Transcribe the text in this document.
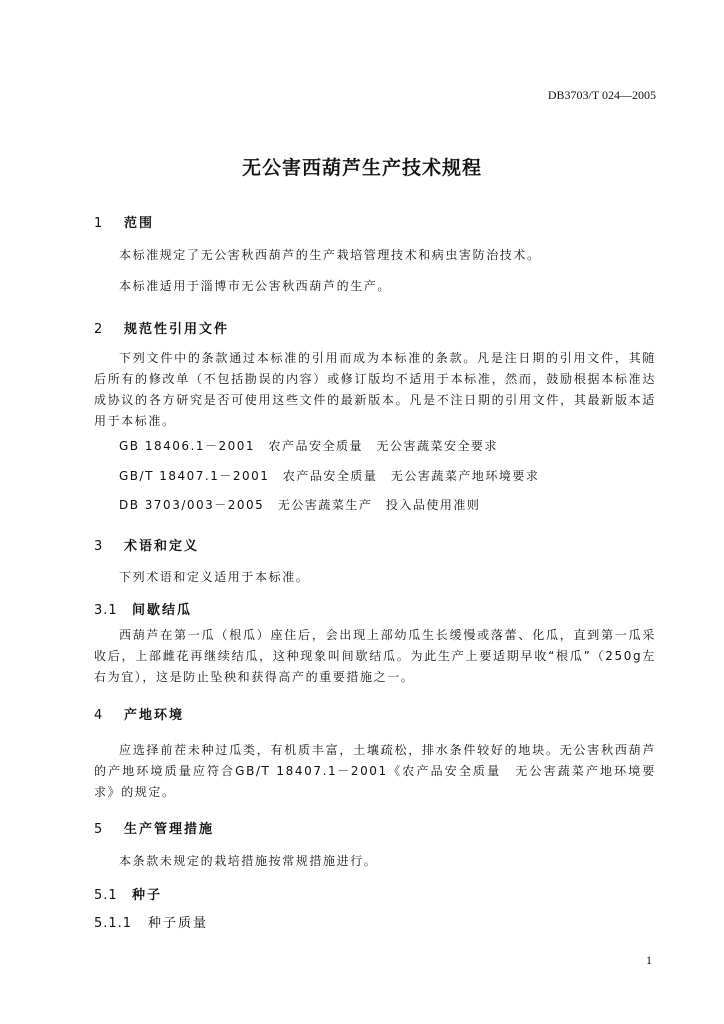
DB3703/T 024—2005
无公害西葫芦生产技术规程
1 范围
本标准规定了无公害秋西葫芦的生产栽培管理技术和病虫害防治技术。
本标准适用于淄博市无公害秋西葫芦的生产。
2 规范性引用文件
下列文件中的条款通过本标准的引用而成为本标准的条款。凡是注日期的引用文件，其随后所有的修改单（不包括勘误的内容）或修订版均不适用于本标准，然而，鼓励根据本标准达成协议的各方研究是否可使用这些文件的最新版本。凡是不注日期的引用文件，其最新版本适用于本标准。
GB 18406.1－2001　农产品安全质量　无公害蔬菜安全要求
GB/T 18407.1－2001　农产品安全质量　无公害蔬菜产地环境要求
DB 3703/003－2005　无公害蔬菜生产　投入品使用准则
3 术语和定义
下列术语和定义适用于本标准。
3.1 间歇结瓜
西葫芦在第一瓜（根瓜）座住后，会出现上部幼瓜生长缓慢或落蕾、化瓜，直到第一瓜采收后，上部雌花再继续结瓜，这种现象叫间歇结瓜。为此生产上要适期早收“根瓜”（250g左右为宜），这是防止坠秧和获得高产的重要措施之一。
4 产地环境
应选择前茬未种过瓜类，有机质丰富，土壤疏松，排水条件较好的地块。无公害秋西葫芦的产地环境质量应符合GB/T 18407.1－2001《农产品安全质量　无公害蔬菜产地环境要求》的规定。
5 生产管理措施
本条款未规定的栽培措施按常规措施进行。
5.1 种子
5.1.1 种子质量
1
